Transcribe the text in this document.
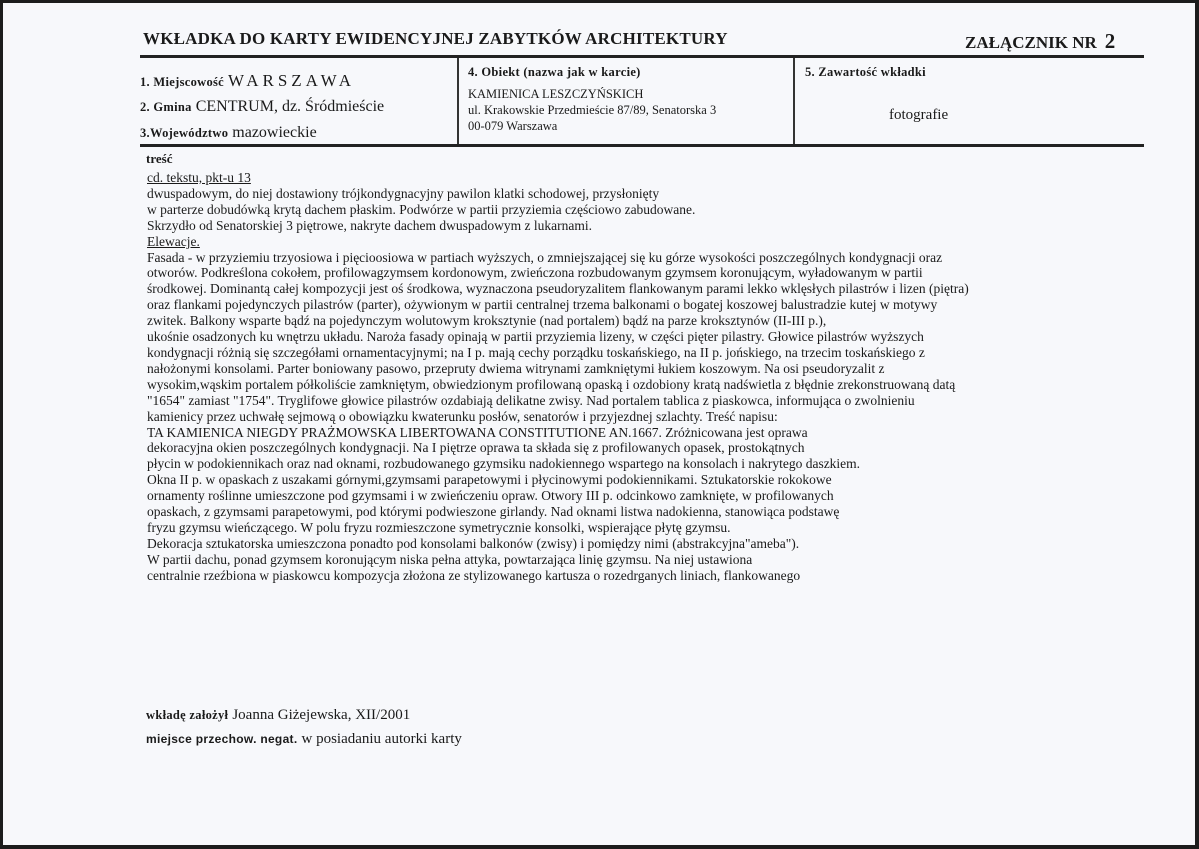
WKŁADKA DO KARTY EWIDENCYJNEJ ZABYTKÓW ARCHITEKTURY	ZAŁĄCZNIK NR 2
1. Miejscowość WARSZAWA
2. Gmina CENTRUM, dz. Śródmieście
3.Województwo mazowieckie
4. Obiekt (nazwa jak w karcie)
KAMIENICA LESZCZYŃSKICH
ul. Krakowskie Przedmieście 87/89, Senatorska 3
00-079 Warszawa
5. Zawartość wkładki
fotografie
treść
cd. tekstu, pkt-u 13
dwuspadowym, do niej dostawiony trójkondygnacyjny pawilon klatki schodowej, przysłonięty
w parterze dobudówką krytą dachem płaskim. Podwórze w partii przyziemia częściowo zabudowane.
Skrzydło od Senatorskiej 3 piętrowe, nakryte dachem dwuspadowym z lukarnami.
Elewacje.
Fasada - w przyziemiu trzyosiowa i pięcioosiowa w partiach wyższych, o zmniejszającej się ku górze wysokości poszczególnych kondygnacji oraz
otworów. Podkreślona cokołem, profilowagzymsem kordonowym, zwieńczona rozbudowanym gzymsem koronującym, wyładowanym w partii
środkowej. Dominantą całej kompozycji jest oś środkowa, wyznaczona pseudoryzalitem flankowanym parami lekko wklęsłych pilastrów i lizen (piętra)
oraz flankami pojedynczych pilastrów (parter), ożywionym w partii centralnej trzema balkonami o bogatej koszowej balustradzie kutej w motywy
zwitek. Balkony wsparte bądź na pojedynczym wolutowym kroksztynie (nad portalem) bądź na parze kroksztynów (II-III p.),
ukośnie osadzonych ku wnętrzu układu. Naroża fasady opinają w partii przyziemia lizeny, w części pięter pilastry. Głowice pilastrów wyższych
kondygnacji różnią się szczegółami ornamentacyjnymi; na I p. mają cechy porządku toskańskiego, na II p. jońskiego, na trzecim toskańskiego z
nałożonymi konsolami. Parter boniowany pasowo, przepruty dwiema witrynami zamkniętymi łukiem koszowym. Na osi pseudoryzalit z
wysokim,wąskim portalem półkoliście zamkniętym, obwiedzionym profilowaną opaską i ozdobiony kratą nadświetla z błędnie zrekonstruowaną datą
"1654" zamiast "1754". Tryglifowe głowice pilastrów ozdabiają delikatne zwisy. Nad portalem tablica z piaskowca, informująca o zwolnieniu
kamienicy przez uchwałę sejmową o obowiązku kwaterunku posłów, senatorów i przyjezdnej szlachty. Treść napisu:
TA KAMIENICA NIEGDY PRAŻMOWSKA LIBERTOWANA CONSTITUTIONE AN.1667. Zróżnicowana jest oprawa
dekoracyjna okien poszczególnych kondygnacji. Na I piętrze oprawa ta składa się z profilowanych opasek, prostokątnych
płycin w podokiennikach oraz nad oknami, rozbudowanego gzymsiku nadokiennego wspartego na konsolach i nakrytego daszkiem.
Okna II p. w opaskach z uszakami górnymi,gzymsami parapetowymi i płycinowymi podokiennikami. Sztukatorskie rokokowe
ornamenty roślinne umieszczone pod gzymsami i w zwieńczeniu opraw. Otwory III p. odcinkowo zamknięte, w profilowanych
opaskach, z gzymsami parapetowymi, pod którymi podwieszone girlandy. Nad oknami listwa nadokienna, stanowiąca podstawę
fryzu gzymsu wieńczącego. W polu fryzu rozmieszczone symetrycznie konsolki, wspierające płytę gzymsu.
Dekoracja sztukatorska umieszczona ponadto pod konsolami balkonów (zwisy) i pomiędzy nimi (abstrakcyjna"ameba").
W partii dachu, ponad gzymsem koronującym niska pełna attyka, powtarzająca linię gzymsu. Na niej ustawiona
centralnie rzeźbiona w piaskowcu kompozycja złożona ze stylizowanego kartusza o rozedrganych liniach, flankowanego
wkładę założył Joanna Giżejewska, XII/2001
miejsce przechow. negat. w posiadaniu autorki karty
